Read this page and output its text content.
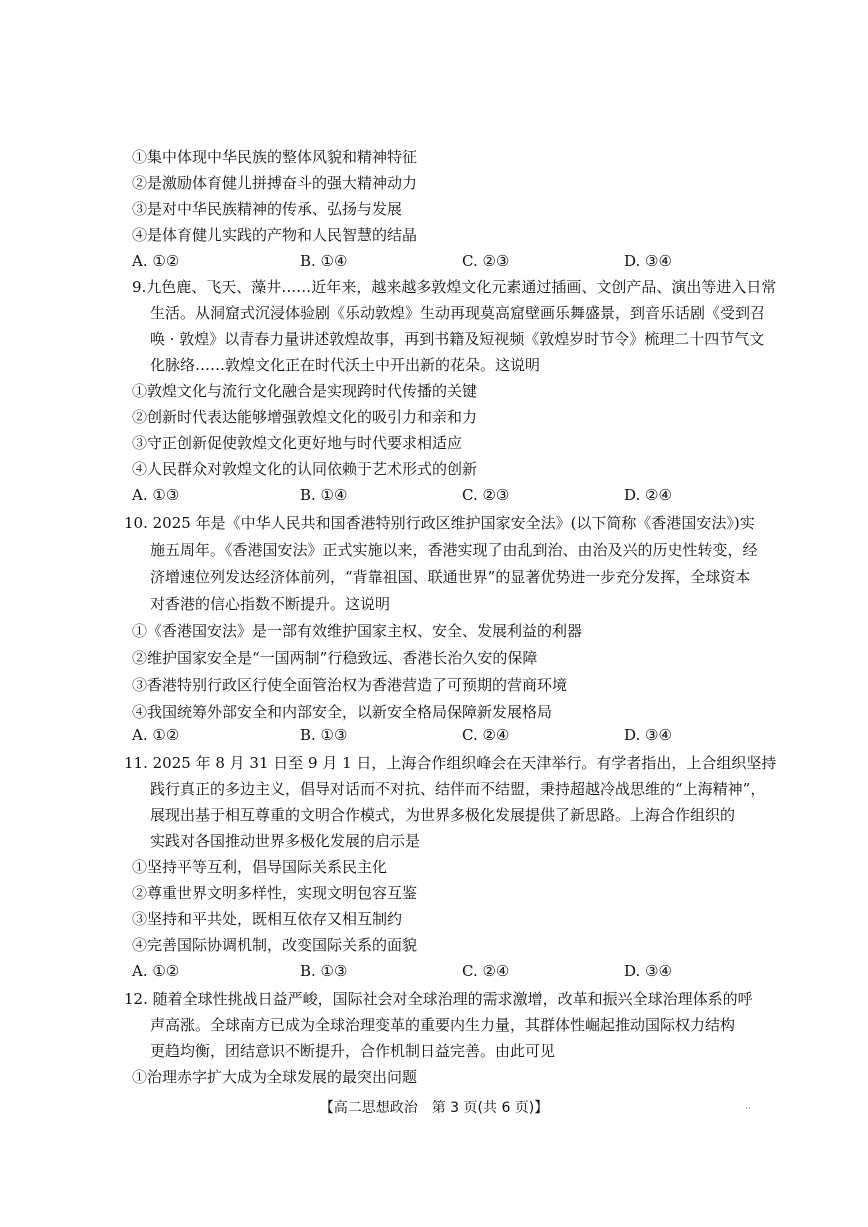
①集中体现中华民族的整体风貌和精神特征
②是激励体育健儿拼搏奋斗的强大精神动力
③是对中华民族精神的传承、弘扬与发展
④是体育健儿实践的产物和人民智慧的结晶
A. ①②	B. ①④	C. ②③	D. ③④
9.九色鹿、飞天、藻井……近年来，越来越多敦煌文化元素通过插画、文创产品、演出等进入日常
生活。从洞窟式沉浸体验剧《乐动敦煌》生动再现莫高窟壁画乐舞盛景，到音乐话剧《受到召
唤 · 敦煌》以青春力量讲述敦煌故事，再到书籍及短视频《敦煌岁时节令》梳理二十四节气文
化脉络……敦煌文化正在时代沃土中开出新的花朵。这说明
①敦煌文化与流行文化融合是实现跨时代传播的关键
②创新时代表达能够增强敦煌文化的吸引力和亲和力
③守正创新促使敦煌文化更好地与时代要求相适应
④人民群众对敦煌文化的认同依赖于艺术形式的创新
A. ①③	B. ①④	C. ②③	D. ②④
10. 2025 年是《中华人民共和国香港特别行政区维护国家安全法》(以下简称《香港国安法》)实
施五周年。《香港国安法》正式实施以来，香港实现了由乱到治、由治及兴的历史性转变，经
济增速位列发达经济体前列，“背靠祖国、联通世界”的显著优势进一步充分发挥，全球资本
对香港的信心指数不断提升。这说明
①《香港国安法》是一部有效维护国家主权、安全、发展利益的利器
②维护国家安全是“一国两制”行稳致远、香港长治久安的保障
③香港特别行政区行使全面管治权为香港营造了可预期的营商环境
④我国统筹外部安全和内部安全，以新安全格局保障新发展格局
A. ①②	B. ①③	C. ②④	D. ③④
11. 2025 年 8 月 31 日至 9 月 1 日，上海合作组织峰会在天津举行。有学者指出，上合组织坚持
践行真正的多边主义，倡导对话而不对抗、结伴而不结盟，秉持超越冷战思维的“上海精神”，
展现出基于相互尊重的文明合作模式，为世界多极化发展提供了新思路。上海合作组织的
实践对各国推动世界多极化发展的启示是
①坚持平等互利，倡导国际关系民主化
②尊重世界文明多样性，实现文明包容互鉴
③坚持和平共处，既相互依存又相互制约
④完善国际协调机制，改变国际关系的面貌
A. ①②	B. ①③	C. ②④	D. ③④
12. 随着全球性挑战日益严峻，国际社会对全球治理的需求激增，改革和振兴全球治理体系的呼
声高涨。全球南方已成为全球治理变革的重要内生力量，其群体性崛起推动国际权力结构
更趋均衡，团结意识不断提升，合作机制日益完善。由此可见
①治理赤字扩大成为全球发展的最突出问题
【高二思想政治　第 3 页(共 6 页)】	··
